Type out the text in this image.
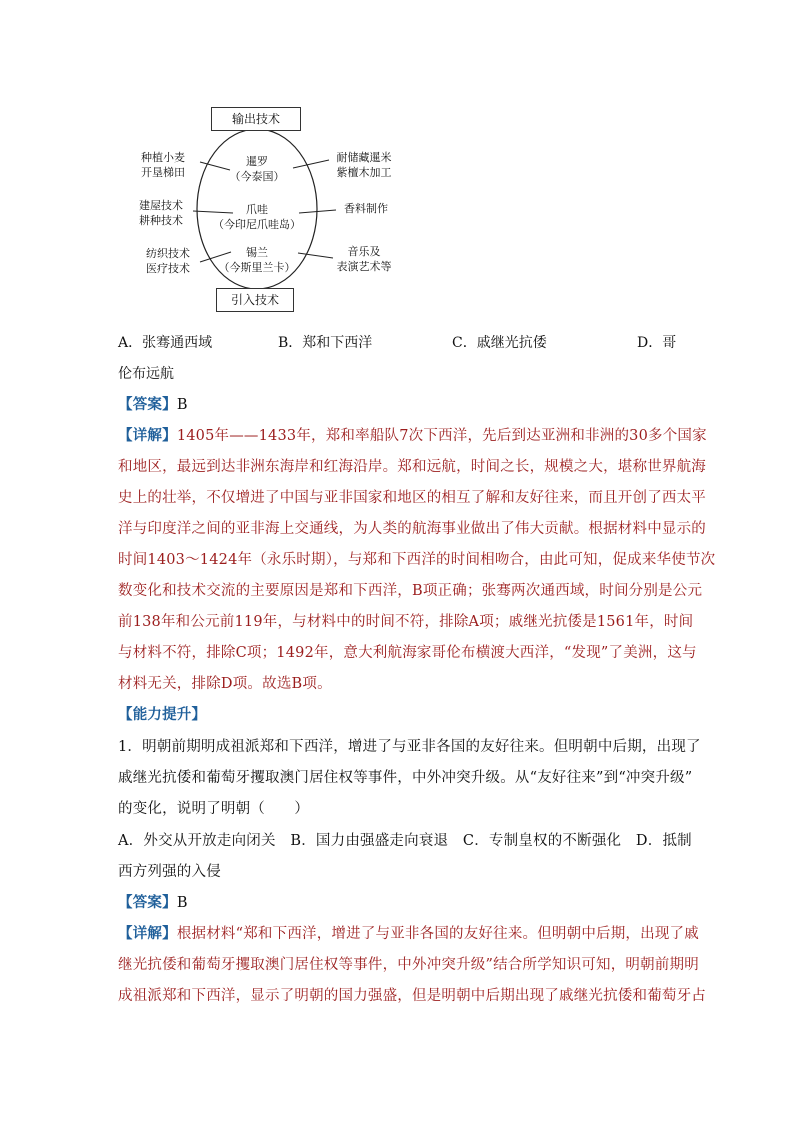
输出技术
引入技术
暹罗
（今泰国）
爪哇
（今印尼爪哇岛）
锡兰
（今斯里兰卡）
种植小麦
开垦梯田
建屋技术
耕种技术
纺织技术
医疗技术
耐储藏暹米
紫檀木加工
香料制作
音乐及
表演艺术等
A．张骞通西域	B．郑和下西洋	C．戚继光抗倭	D．哥
伦布远航
【答案】B
【详解】1405年——1433年，郑和率船队7次下西洋，先后到达亚洲和非洲的30多个国家
和地区，最远到达非洲东海岸和红海沿岸。郑和远航，时间之长，规模之大，堪称世界航海
史上的壮举，不仅增进了中国与亚非国家和地区的相互了解和友好往来，而且开创了西太平
洋与印度洋之间的亚非海上交通线，为人类的航海事业做出了伟大贡献。根据材料中显示的
时间1403～1424年（永乐时期），与郑和下西洋的时间相吻合，由此可知，促成来华使节次
数变化和技术交流的主要原因是郑和下西洋，B项正确；张骞两次通西域，时间分别是公元
前138年和公元前119年，与材料中的时间不符，排除A项；戚继光抗倭是1561年，时间
与材料不符，排除C项；1492年，意大利航海家哥伦布横渡大西洋，“发现”了美洲，这与
材料无关，排除D项。故选B项。
【能力提升】
1．明朝前期明成祖派郑和下西洋，增进了与亚非各国的友好往来。但明朝中后期，出现了
戚继光抗倭和葡萄牙攫取澳门居住权等事件，中外冲突升级。从“友好往来”到“冲突升级”
的变化，说明了明朝（　　）
A．外交从开放走向闭关　B．国力由强盛走向衰退　C．专制皇权的不断强化　D．抵制
西方列强的入侵
【答案】B
【详解】根据材料“郑和下西洋，增进了与亚非各国的友好往来。但明朝中后期，出现了戚
继光抗倭和葡萄牙攫取澳门居住权等事件，中外冲突升级”结合所学知识可知，明朝前期明
成祖派郑和下西洋，显示了明朝的国力强盛，但是明朝中后期出现了戚继光抗倭和葡萄牙占
